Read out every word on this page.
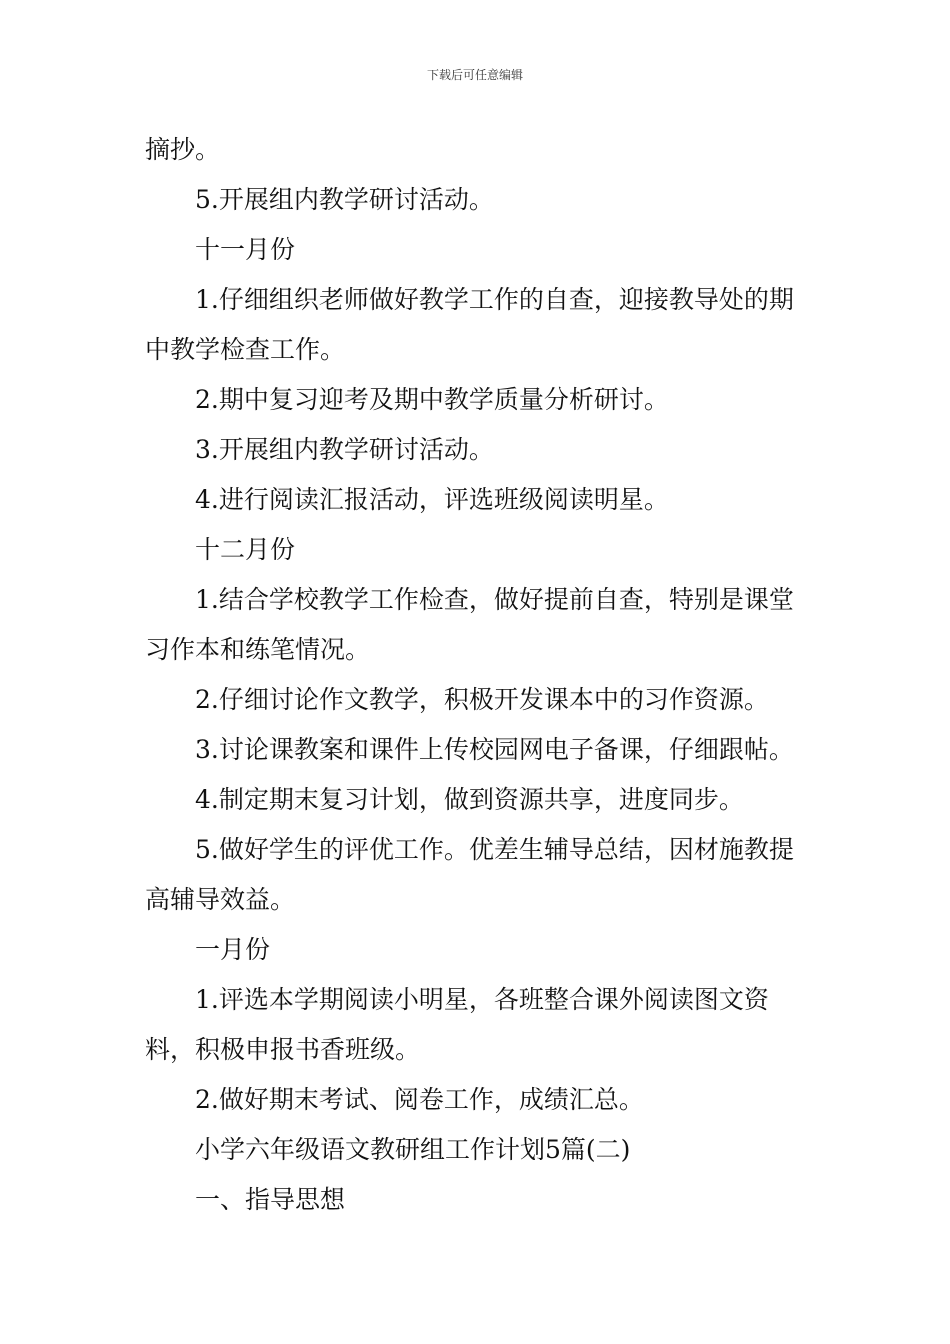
下载后可任意编辑

摘抄。

5.开展组内教学研讨活动。

十一月份

1.仔细组织老师做好教学工作的自查，迎接教导处的期中教学检查工作。

2.期中复习迎考及期中教学质量分析研讨。

3.开展组内教学研讨活动。

4.进行阅读汇报活动，评选班级阅读明星。

十二月份

1.结合学校教学工作检查，做好提前自查，特别是课堂习作本和练笔情况。

2.仔细讨论作文教学，积极开发课本中的习作资源。

3.讨论课教案和课件上传校园网电子备课，仔细跟帖。

4.制定期末复习计划，做到资源共享，进度同步。

5.做好学生的评优工作。优差生辅导总结，因材施教提高辅导效益。

一月份

1.评选本学期阅读小明星，各班整合课外阅读图文资料，积极申报书香班级。

2.做好期末考试、阅卷工作，成绩汇总。

小学六年级语文教研组工作计划5篇(二)

一、指导思想
